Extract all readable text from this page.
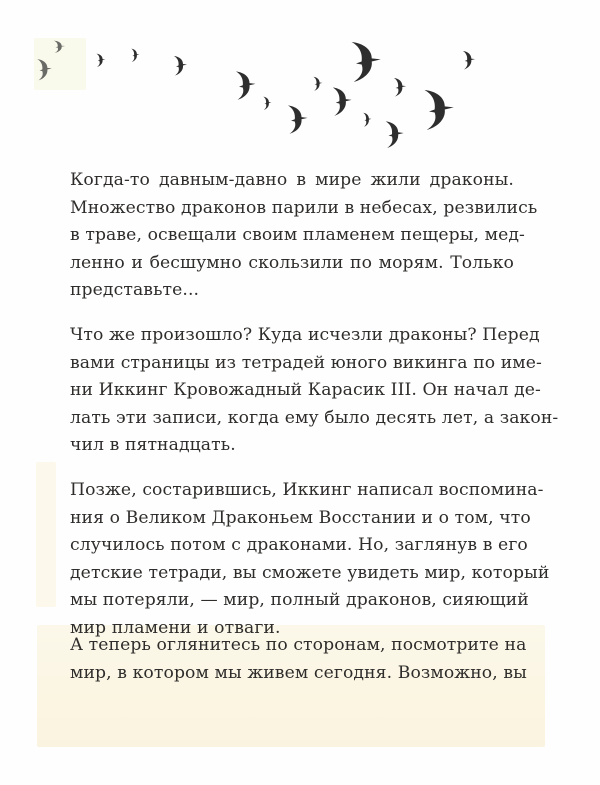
Когда-то давным-давно в мире жили драконы.
Множество драконов парили в небесах, резвились
в траве, освещали своим пламенем пещеры, мед-
ленно и бесшумно скользили по морям. Только
представьте...
Что же произошло? Куда исчезли драконы? Перед
вами страницы из тетрадей юного викинга по име-
ни Иккинг Кровожадный Карасик III. Он начал де-
лать эти записи, когда ему было десять лет, а закон-
чил в пятнадцать.
Позже, состарившись, Иккинг написал воспомина-
ния о Великом Драконьем Восстании и о том, что
случилось потом с драконами. Но, заглянув в его
детские тетради, вы сможете увидеть мир, который
мы потеряли, — мир, полный драконов, сияющий
мир пламени и отваги.
А теперь оглянитесь по сторонам, посмотрите на
мир, в котором мы живем сегодня. Возможно, вы
